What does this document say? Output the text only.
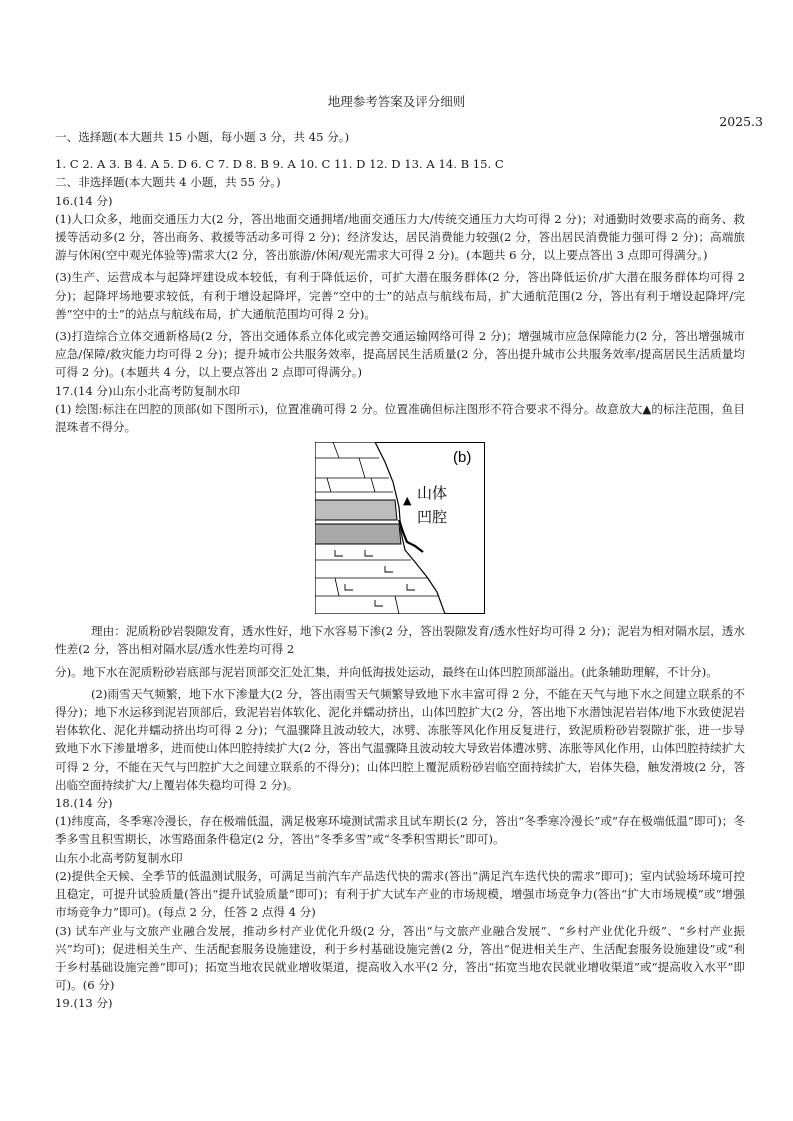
地理参考答案及评分细则
2025.3

一、选择题(本大题共 15 小题，每小题 3 分，共 45 分。)

1. C 2. A 3. B 4. A 5. D 6. C 7. D 8. B 9. A 10. C 11. D 12. D 13. A 14. B 15. C

二、非选择题(本大题共 4 小题，共 55 分。)

16.(14 分)

(1)人口众多，地面交通压力大(2 分，答出地面交通拥堵/地面交通压力大/传统交通压力大均可得 2 分)；对通勤时效要求高的商务、救援等活动多(2 分，答出商务、救援等活动多可得 2 分)；经济发达，居民消费能力较强(2 分，答出居民消费能力强可得 2 分)；高端旅游与休闲(空中观光体验等)需求大(2 分，答出旅游/休闲/观光需求大可得 2 分)。(本题共 6 分，以上要点答出 3 点即可得满分。)

(3)生产、运营成本与起降坪建设成本较低，有利于降低运价，可扩大潜在服务群体(2 分，答出降低运价/扩大潜在服务群体均可得 2 分)；起降坪场地要求较低，有利于增设起降坪，完善“空中的士”的站点与航线布局，扩大通航范围(2 分，答出有利于增设起降坪/完善“空中的士”的站点与航线布局，扩大通航范围均可得 2 分)。

(3)打造综合立体交通新格局(2 分，答出交通体系立体化或完善交通运输网络可得 2 分)；增强城市应急保障能力(2 分，答出增强城市应急/保障/救灾能力均可得 2 分)；提升城市公共服务效率，提高居民生活质量(2 分，答出提升城市公共服务效率/提高居民生活质量均可得 2 分)。(本题共 4 分，以上要点答出 2 点即可得满分。)

17.(14 分)山东小北高考防复制水印

(1) 绘图:标注在凹腔的顶部(如下图所示)，位置准确可得 2 分。位置准确但标注图形不符合要求不得分。故意放大▲的标注范围，鱼目混珠者不得分。

(b)
▲ 山体
凹腔

理由：泥质粉砂岩裂隙发育，透水性好，地下水容易下渗(2 分，答出裂隙发育/透水性好均可得 2 分)；泥岩为相对隔水层，透水性差(2 分，答出相对隔水层/透水性差均可得 2

分)。地下水在泥质粉砂岩底部与泥岩顶部交汇处汇集，并向低海拔处运动，最终在山体凹腔顶部溢出。(此条辅助理解，不计分)。

(2)雨雪天气频繁，地下水下渗量大(2 分，答出雨雪天气频繁导致地下水丰富可得 2 分，不能在天气与地下水之间建立联系的不得分)；地下水运移到泥岩顶部后，致泥岩岩体软化、泥化并蠕动挤出，山体凹腔扩大(2 分，答出地下水潜蚀泥岩岩体/地下水致使泥岩岩体软化、泥化并蠕动挤出均可得 2 分)；气温骤降且波动较大，冰劈、冻胀等风化作用反复进行，致泥质粉砂岩裂隙扩张，进一步导致地下水下渗量增多，进而使山体凹腔持续扩大(2 分，答出气温骤降且波动较大导致岩体遭冰劈、冻胀等风化作用，山体凹腔持续扩大可得 2 分，不能在天气与凹腔扩大之间建立联系的不得分)；山体凹腔上覆泥质粉砂岩临空面持续扩大，岩体失稳，触发滑坡(2 分，答出临空面持续扩大/上覆岩体失稳均可得 2 分)。

18.(14 分)

(1)纬度高，冬季寒冷漫长，存在极端低温，满足极寒环境测试需求且试车期长(2 分，答出“冬季寒冷漫长”或“存在极端低温”即可)；冬季多雪且积雪期长，冰雪路面条件稳定(2 分，答出“冬季多雪”或“冬季积雪期长”即可)。

山东小北高考防复制水印

(2)提供全天候、全季节的低温测试服务，可满足当前汽车产品迭代快的需求(答出“满足汽车迭代快的需求”即可)；室内试验场环境可控且稳定，可提升试验质量(答出“提升试验质量”即可)；有利于扩大试车产业的市场规模，增强市场竞争力(答出“扩大市场规模”或“增强市场竞争力”即可)。(每点 2 分，任答 2 点得 4 分)

(3) 试车产业与文旅产业融合发展，推动乡村产业优化升级(2 分，答出“与文旅产业融合发展”、“乡村产业优化升级”、“乡村产业振兴”均可)；促进相关生产、生活配套服务设施建设，利于乡村基础设施完善(2 分，答出“促进相关生产、生活配套服务设施建设”或“利于乡村基础设施完善”即可)；拓宽当地农民就业增收渠道，提高收入水平(2 分，答出“拓宽当地农民就业增收渠道”或“提高收入水平”即可)。(6 分)

19.(13 分)
